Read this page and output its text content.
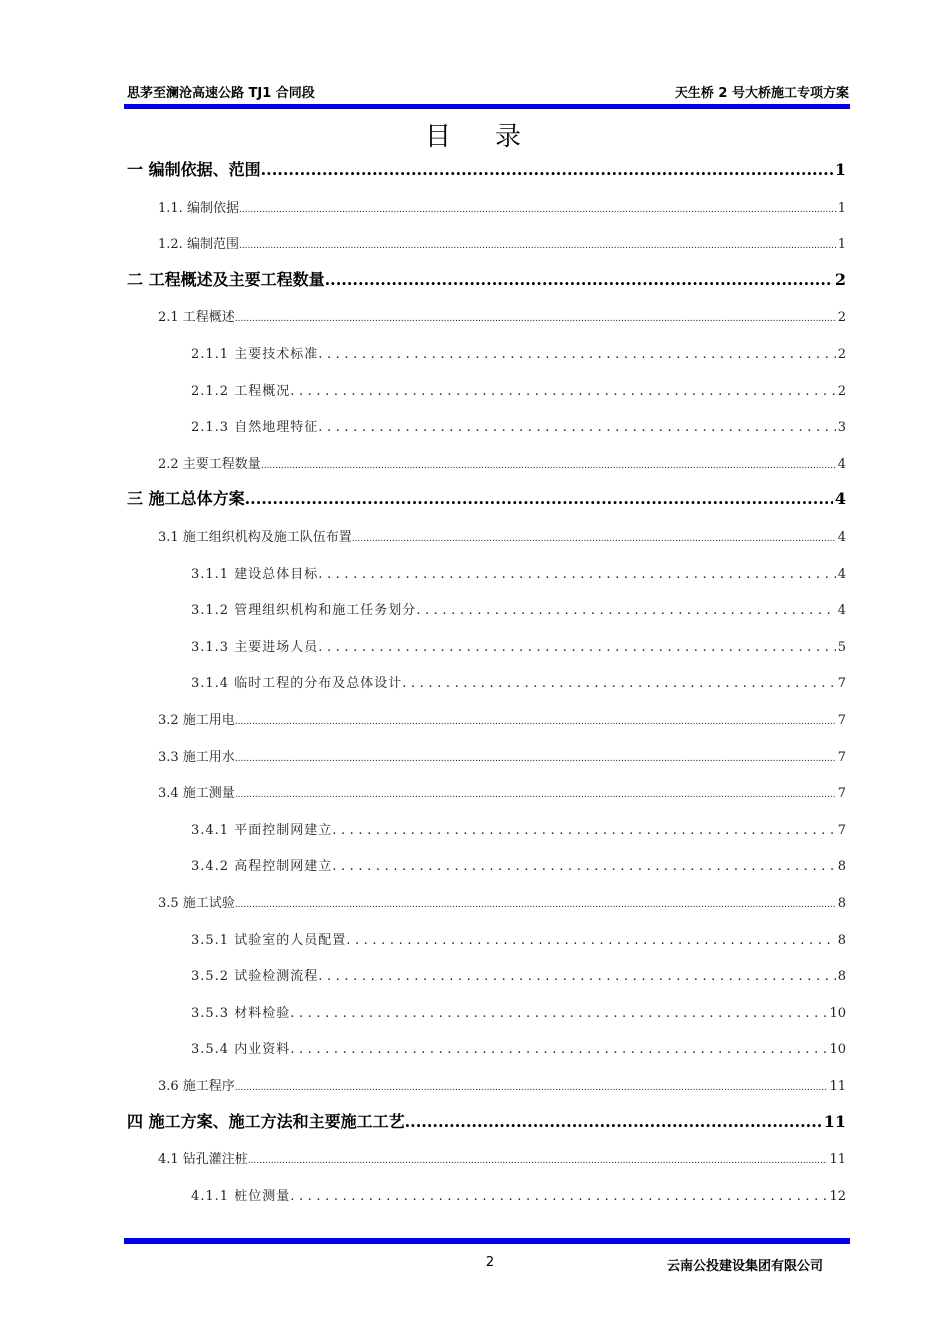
思茅至澜沧高速公路 TJ1 合同段	天生桥 2 号大桥施工专项方案
目录
一 编制依据、范围 .....	1
1.1. 编制依据 .....	1
1.2. 编制范围 .....	1
二 工程概述及主要工程数量 .....	2
2.1 工程概述 .....	2
2.1.1 主要技术标准 .....	2
2.1.2 工程概况 .....	2
2.1.3 自然地理特征 .....	3
2.2 主要工程数量 .....	4
三 施工总体方案 .....	4
3.1 施工组织机构及施工队伍布置 .....	4
3.1.1 建设总体目标 .....	4
3.1.2 管理组织机构和施工任务划分 .....	4
3.1.3 主要进场人员 .....	5
3.1.4 临时工程的分布及总体设计 .....	7
3.2 施工用电 .....	7
3.3 施工用水 .....	7
3.4 施工测量 .....	7
3.4.1 平面控制网建立 .....	7
3.4.2 高程控制网建立 .....	8
3.5 施工试验 .....	8
3.5.1 试验室的人员配置 .....	8
3.5.2 试验检测流程 .....	8
3.5.3 材料检验 .....	10
3.5.4 内业资料 .....	10
3.6 施工程序 .....	11
四 施工方案、施工方法和主要施工工艺 .....	11
4.1 钻孔灌注桩 .....	11
4.1.1 桩位测量 .....	12
2	云南公投建设集团有限公司
